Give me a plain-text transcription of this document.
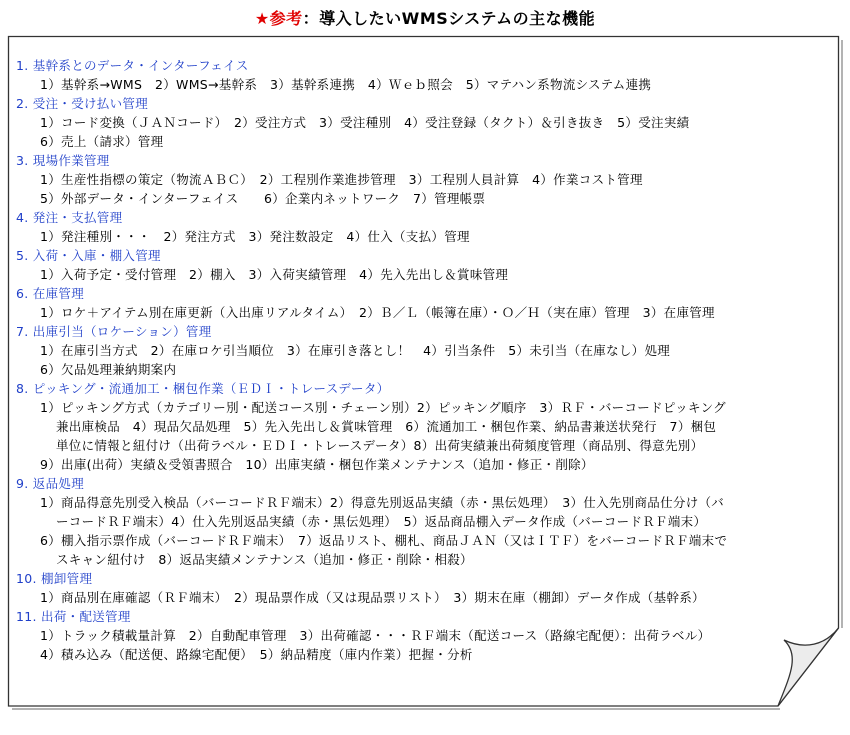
★参考：導入したいWMSシステムの主な機能
1. 基幹系とのデータ・インターフェイス
1）基幹系→WMS　2）WMS→基幹系　3）基幹系連携　4）Ｗｅｂ照会　5）マテハン系物流システム連携
2. 受注・受け払い管理
1）コード変換（ＪＡＮコード）　2）受注方式　3）受注種別　4）受注登録（タクト）＆引き抜き　5）受注実績
6）売上（請求）管理
3. 現場作業管理
1）生産性指標の策定（物流ＡＢＣ）　2）工程別作業進捗管理　3）工程別人員計算　4）作業コスト管理
5）外部データ・インターフェイス　　6）企業内ネットワーク　7）管理帳票
4. 発注・支払管理
1）発注種別・・・　2）発注方式　3）発注数設定　4）仕入（支払）管理
5. 入荷・入庫・棚入管理
1）入荷予定・受付管理　2）棚入　3）入荷実績管理　4）先入先出し＆賞味管理
6. 在庫管理
1）ロケ＋アイテム別在庫更新（入出庫リアルタイム）　2）Ｂ／Ｌ（帳簿在庫）・Ｏ／Ｈ（実在庫）管理　3）在庫管理
7. 出庫引当（ロケーション）管理
1）在庫引当方式　2）在庫ロケ引当順位　3）在庫引き落とし！　4）引当条件　5）未引当（在庫なし）処理
6）欠品処理兼納期案内
8. ピッキング・流通加工・梱包作業（ＥＤＩ・トレースデータ）
1）ピッキング方式（カテゴリー別・配送コース別・チェーン別）2）ピッキング順序　3）ＲＦ・バーコードピッキング
兼出庫検品　4）現品欠品処理　5）先入先出し＆賞味管理　6）流通加工・梱包作業、納品書兼送状発行　7）梱包
単位に情報と紐付け（出荷ラベル・ＥＤＩ・トレースデータ）8）出荷実績兼出荷頻度管理（商品別、得意先別）
9）出庫(出荷）実績＆受領書照合　10）出庫実績・梱包作業メンテナンス（追加・修正・削除）
9. 返品処理
1）商品得意先別受入検品（バーコードＲＦ端末）2）得意先別返品実績（赤・黒伝処理）　3）仕入先別商品仕分け（バ
ーコードＲＦ端末）4）仕入先別返品実績（赤・黒伝処理）　5）返品商品棚入データ作成（バーコードＲＦ端末）
6）棚入指示票作成（バーコードＲＦ端末）　7）返品リスト、棚札、商品ＪＡＮ（又はＩＴＦ）をバーコードＲＦ端末で
スキャン紐付け　8）返品実績メンテナンス（追加・修正・削除・相殺）
10. 棚卸管理
1）商品別在庫確認（ＲＦ端末）　2）現品票作成（又は現品票リスト）　3）期末在庫（棚卸）データ作成（基幹系）
11. 出荷・配送管理
1）トラック積載量計算　2）自動配車管理　3）出荷確認・・・ＲＦ端末（配送コース（路線宅配便）：出荷ラベル）
4）積み込み（配送便、路線宅配便）　5）納品精度（庫内作業）把握・分析
